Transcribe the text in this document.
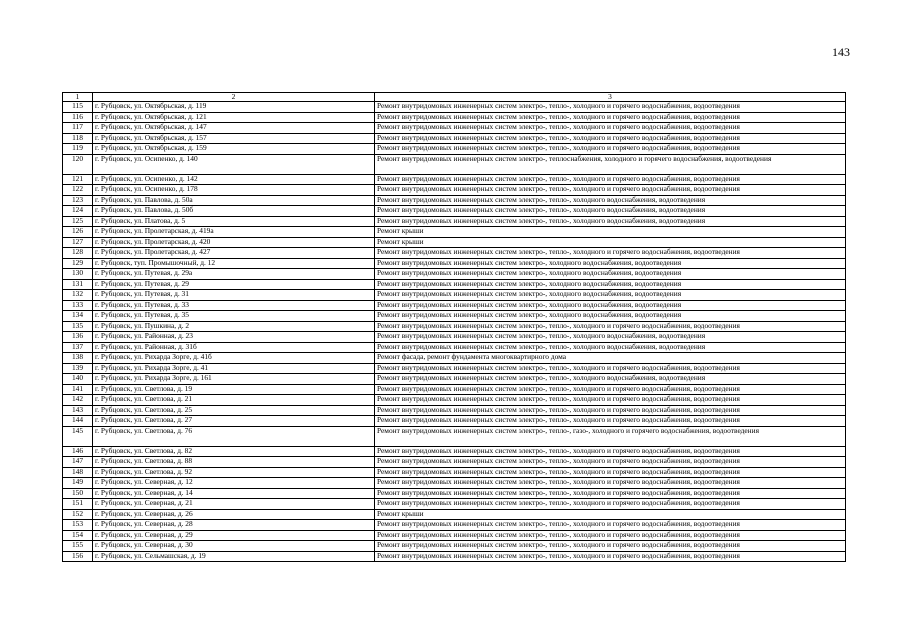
143
1	2	3
115	г. Рубцовск, ул. Октябрьская, д. 119	Ремонт внутридомовых инженерных систем электро-, тепло-, холодного и горячего водоснабжения, водоотведения
116	г. Рубцовск, ул. Октябрьская, д. 121	Ремонт внутридомовых инженерных систем электро-, тепло-, холодного и горячего водоснабжения, водоотведения
117	г. Рубцовск, ул. Октябрьская, д. 147	Ремонт внутридомовых инженерных систем электро-, тепло-, холодного и горячего водоснабжения, водоотведения
118	г. Рубцовск, ул. Октябрьская, д. 157	Ремонт внутридомовых инженерных систем электро-, тепло-, холодного и горячего водоснабжения, водоотведения
119	г. Рубцовск, ул. Октябрьская, д. 159	Ремонт внутридомовых инженерных систем электро-, тепло-, холодного и горячего водоснабжения, водоотведения
120	г. Рубцовск, ул. Осипенко, д. 140	Ремонт внутридомовых инженерных систем электро-, теплоснабжения, холодного и горячего водоснабжения, водоотведения
121	г. Рубцовск, ул. Осипенко, д. 142	Ремонт внутридомовых инженерных систем электро-, тепло-, холодного и горячего водоснабжения, водоотведения
122	г. Рубцовск, ул. Осипенко, д. 178	Ремонт внутридомовых инженерных систем электро-, тепло-, холодного и горячего водоснабжения, водоотведения
123	г. Рубцовск, ул. Павлова, д. 50а	Ремонт внутридомовых инженерных систем электро-, тепло-, холодного водоснабжения, водоотведения
124	г. Рубцовск, ул. Павлова, д. 50б	Ремонт внутридомовых инженерных систем электро-, тепло-, холодного водоснабжения, водоотведения
125	г. Рубцовск, ул. Платова, д. 5	Ремонт внутридомовых инженерных систем электро-, тепло-, холодного водоснабжения, водоотведения
126	г. Рубцовск, ул. Пролетарская, д. 419а	Ремонт крыши
127	г. Рубцовск, ул. Пролетарская, д. 420	Ремонт крыши
128	г. Рубцовск, ул. Пролетарская, д. 427	Ремонт внутридомовых инженерных систем электро-, тепло-, холодного и горячего водоснабжения, водоотведения
129	г. Рубцовск, туп. Промышочный, д. 12	Ремонт внутридомовых инженерных систем электро-, холодного водоснабжения, водоотведения
130	г. Рубцовск, ул. Путевая, д. 29а	Ремонт внутридомовых инженерных систем электро-, холодного водоснабжения, водоотведения
131	г. Рубцовск, ул. Путевая, д. 29	Ремонт внутридомовых инженерных систем электро-, холодного водоснабжения, водоотведения
132	г. Рубцовск, ул. Путевая, д. 31	Ремонт внутридомовых инженерных систем электро-, холодного водоснабжения, водоотведения
133	г. Рубцовск, ул. Путевая, д. 33	Ремонт внутридомовых инженерных систем электро-, холодного водоснабжения, водоотведения
134	г. Рубцовск, ул. Путевая, д. 35	Ремонт внутридомовых инженерных систем электро-, холодного водоснабжения, водоотведения
135	г. Рубцовск, ул. Пушкина, д. 2	Ремонт внутридомовых инженерных систем электро-, тепло-, холодного и горячего водоснабжения, водоотведения
136	г. Рубцовск, ул. Районная, д. 23	Ремонт внутридомовых инженерных систем электро-, тепло-, холодного водоснабжения, водоотведения
137	г. Рубцовск, ул. Районная, д. 31б	Ремонт внутридомовых инженерных систем электро-, тепло-, холодного водоснабжения, водоотведения
138	г. Рубцовск, ул. Рихарда Зорге, д. 41б	Ремонт фасада, ремонт фундамента многоквартирного дома
139	г. Рубцовск, ул. Рихарда Зорге, д. 41	Ремонт внутридомовых инженерных систем электро-, тепло-, холодного и горячего водоснабжения, водоотведения
140	г. Рубцовск, ул. Рихарда Зорге, д. 161	Ремонт внутридомовых инженерных систем электро-, тепло-, холодного водоснабжения, водоотведения
141	г. Рубцовск, ул. Светлова, д. 19	Ремонт внутридомовых инженерных систем электро-, тепло-, холодного и горячего водоснабжения, водоотведения
142	г. Рубцовск, ул. Светлова, д. 21	Ремонт внутридомовых инженерных систем электро-, тепло-, холодного и горячего водоснабжения, водоотведения
143	г. Рубцовск, ул. Светлова, д. 25	Ремонт внутридомовых инженерных систем электро-, тепло-, холодного и горячего водоснабжения, водоотведения
144	г. Рубцовск, ул. Светлова, д. 27	Ремонт внутридомовых инженерных систем электро-, тепло-, холодного и горячего водоснабжения, водоотведения
145	г. Рубцовск, ул. Светлова, д. 76	Ремонт внутридомовых инженерных систем электро-, тепло-, газо-, холодного и горячего водоснабжения, водоотведения
146	г. Рубцовск, ул. Светлова, д. 82	Ремонт внутридомовых инженерных систем электро-, тепло-, холодного и горячего водоснабжения, водоотведения
147	г. Рубцовск, ул. Светлова, д. 88	Ремонт внутридомовых инженерных систем электро-, тепло-, холодного и горячего водоснабжения, водоотведения
148	г. Рубцовск, ул. Светлова, д. 92	Ремонт внутридомовых инженерных систем электро-, тепло-, холодного и горячего водоснабжения, водоотведения
149	г. Рубцовск, ул. Северная, д. 12	Ремонт внутридомовых инженерных систем электро-, тепло-, холодного и горячего водоснабжения, водоотведения
150	г. Рубцовск, ул. Северная, д. 14	Ремонт внутридомовых инженерных систем электро-, тепло-, холодного и горячего водоснабжения, водоотведения
151	г. Рубцовск, ул. Северная, д. 21	Ремонт внутридомовых инженерных систем электро-, тепло-, холодного и горячего водоснабжения, водоотведения
152	г. Рубцовск, ул. Северная, д. 26	Ремонт крыши
153	г. Рубцовск, ул. Северная, д. 28	Ремонт внутридомовых инженерных систем электро-, тепло-, холодного и горячего водоснабжения, водоотведения
154	г. Рубцовск, ул. Северная, д. 29	Ремонт внутридомовых инженерных систем электро-, тепло-, холодного и горячего водоснабжения, водоотведения
155	г. Рубцовск, ул. Северная, д. 30	Ремонт внутридомовых инженерных систем электро-, тепло-, холодного и горячего водоснабжения, водоотведения
156	г. Рубцовск, ул. Сельмашская, д. 19	Ремонт внутридомовых инженерных систем электро-, тепло-, холодного и горячего водоснабжения, водоотведения
